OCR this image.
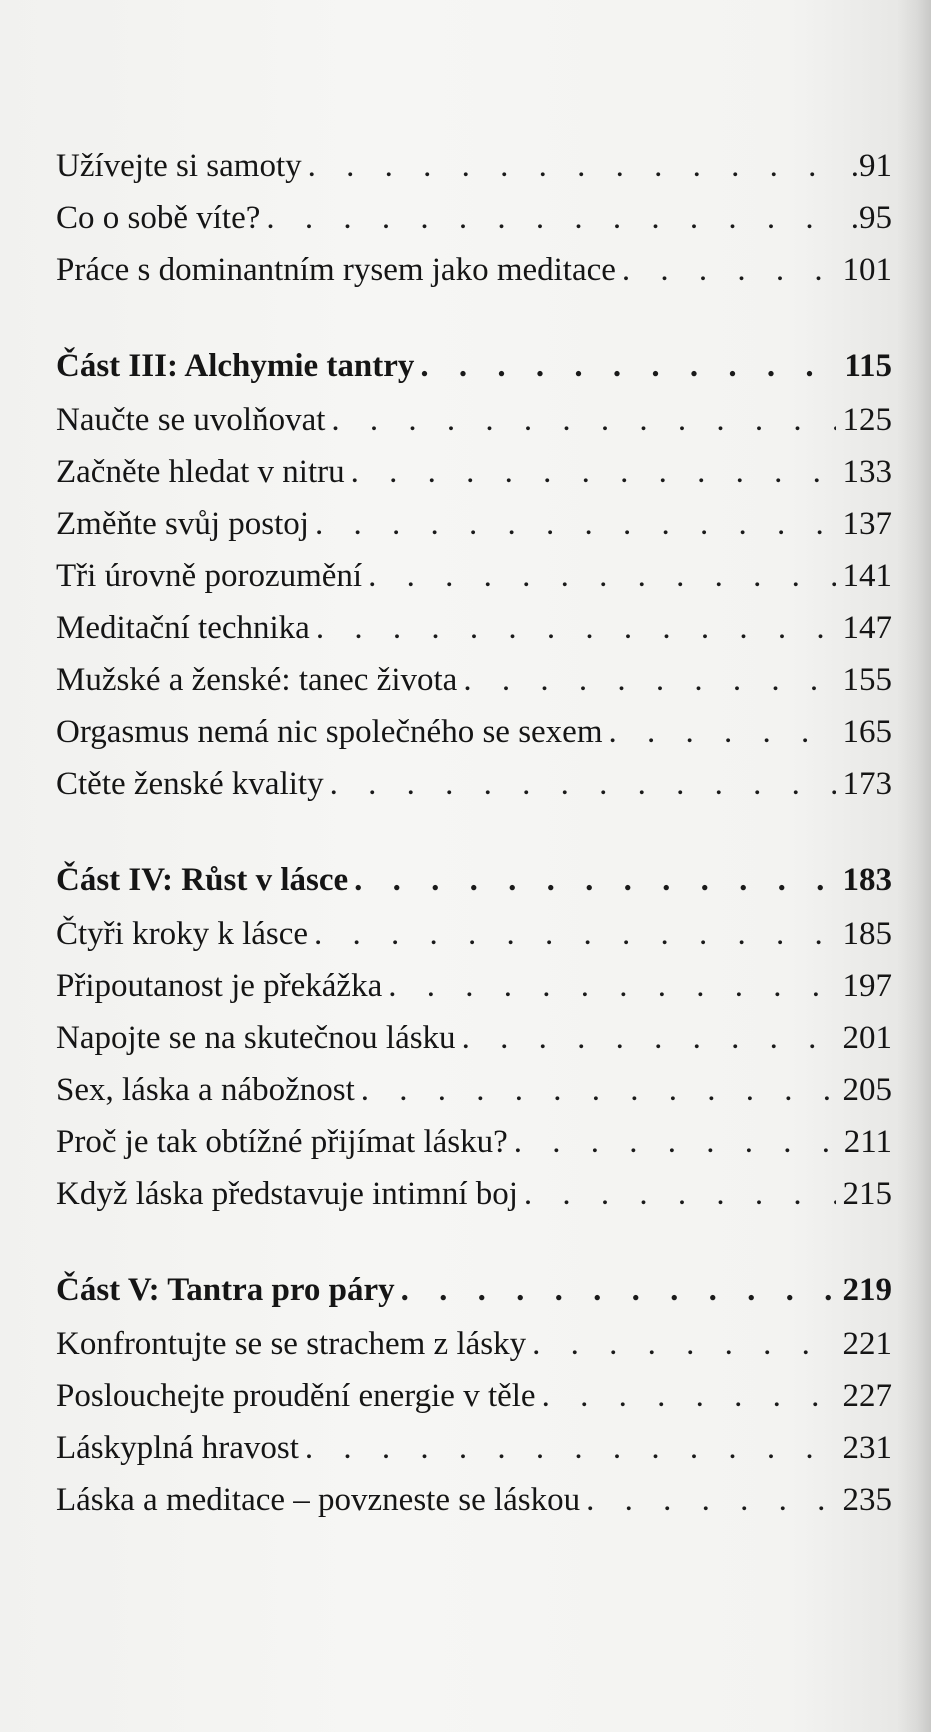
Užívejte si samoty . . .	.91
Co o sobě víte? . . .	.95
Práce s dominantním rysem jako meditace . . .	101
Část III: Alchymie tantry . . .	115
Naučte se uvolňovat . . .	125
Začněte hledat v nitru . . .	133
Změňte svůj postoj . . .	137
Tři úrovně porozumění . . .	141
Meditační technika . . .	147
Mužské a ženské: tanec života . . .	155
Orgasmus nemá nic společného se sexem . . .	165
Ctěte ženské kvality . . .	173
Část IV: Růst v lásce . . .	183
Čtyři kroky k lásce . . .	185
Připoutanost je překážka . . .	197
Napojte se na skutečnou lásku . . .	201
Sex, láska a nábožnost . . .	205
Proč je tak obtížné přijímat lásku? . . .	211
Když láska představuje intimní boj . . .	215
Část V: Tantra pro páry . . .	219
Konfrontujte se se strachem z lásky . . .	221
Poslouchejte proudění energie v těle . . .	227
Láskyplná hravost . . .	231
Láska a meditace – povzneste se láskou . . .	235
